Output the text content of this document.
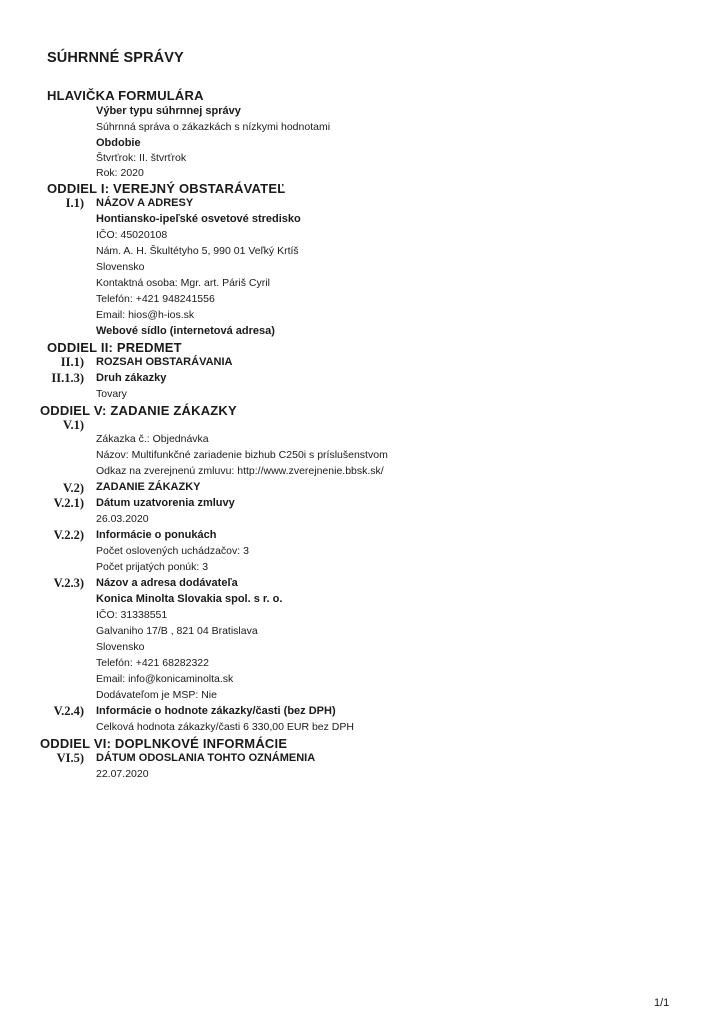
SÚHRNNÉ SPRÁVY
HLAVIČKA FORMULÁRA
Výber typu súhrnnej správy
Súhrnná správa o zákazkách s nízkymi hodnotami
Obdobie
Štvrťrok: II. štvrťrok
Rok: 2020
ODDIEL I: VEREJNÝ OBSTARÁVATEĽ
I.1) NÁZOV A ADRESY
Hontiansko-ipeľské osvetové stredisko
IČO: 45020108
Nám. A. H. Škultétyho 5, 990 01 Veľký Krtíš
Slovensko
Kontaktná osoba: Mgr. art. Páriš Cyril
Telefón: +421 948241556
Email: hios@h-ios.sk
Webové sídlo (internetová adresa)
ODDIEL II: PREDMET
II.1) ROZSAH OBSTARÁVANIA
II.1.3) Druh zákazky
Tovary
ODDIEL V: ZADANIE ZÁKAZKY
V.1)
Zákazka č.: Objednávka
Názov: Multifunkčné zariadenie bizhub C250i s príslušenstvom
Odkaz na zverejnenú zmluvu: http://www.zverejnenie.bbsk.sk/
V.2) ZADANIE ZÁKAZKY
V.2.1) Dátum uzatvorenia zmluvy
26.03.2020
V.2.2) Informácie o ponukách
Počet oslovených uchádzačov: 3
Počet prijatých ponúk: 3
V.2.3) Názov a adresa dodávateľa
Konica Minolta Slovakia spol. s r. o.
IČO: 31338551
Galvaniho 17/B , 821 04 Bratislava
Slovensko
Telefón: +421 68282322
Email: info@konicaminolta.sk
Dodávateľom je MSP: Nie
V.2.4) Informácie o hodnote zákazky/časti (bez DPH)
Celková hodnota zákazky/časti 6 330,00 EUR bez DPH
ODDIEL VI: DOPLNKOVÉ INFORMÁCIE
VI.5) DÁTUM ODOSLANIA TOHTO OZNÁMENIA
22.07.2020
1/1
